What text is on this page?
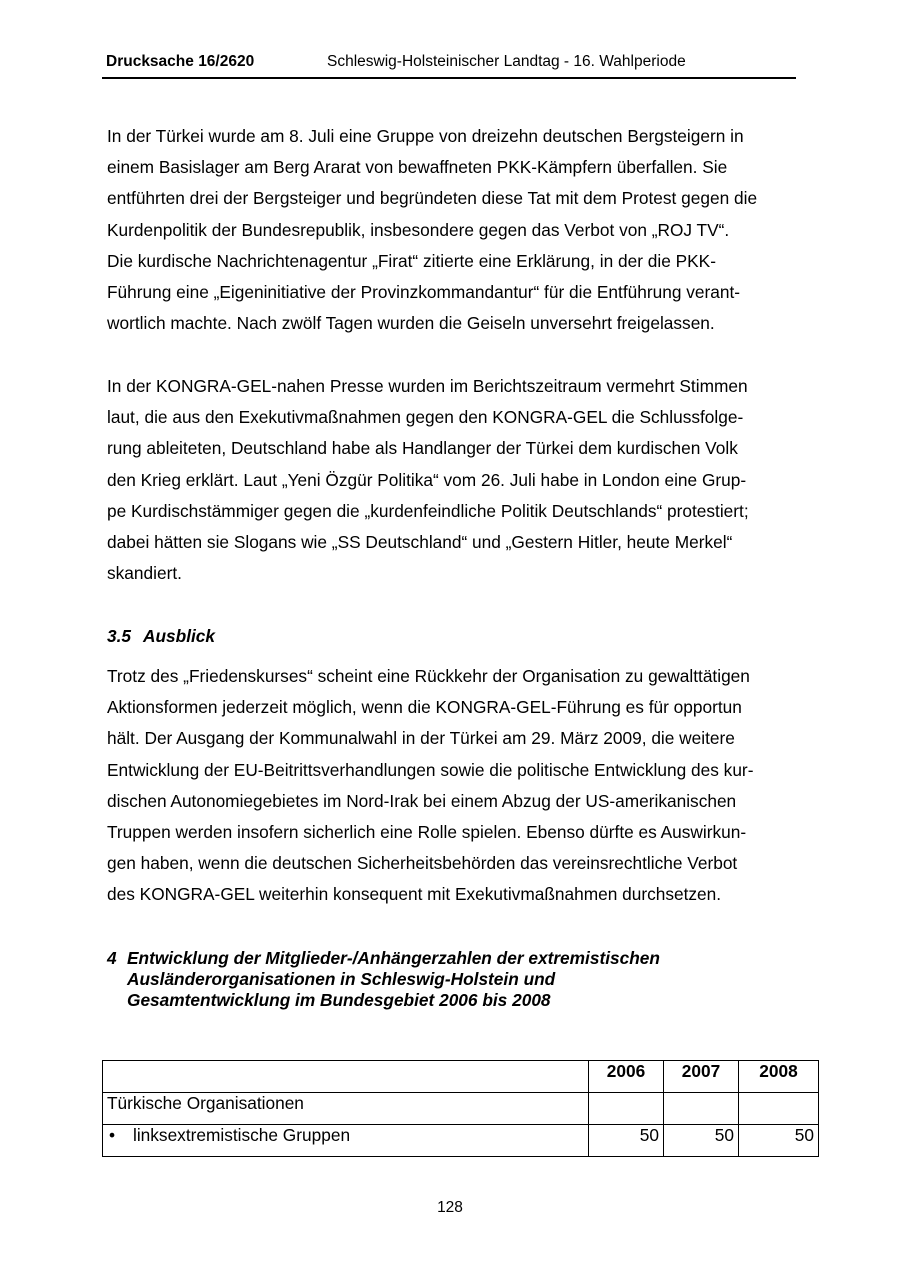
Drucksache 16/2620	Schleswig-Holsteinischer Landtag - 16. Wahlperiode

In der Türkei wurde am 8. Juli eine Gruppe von dreizehn deutschen Bergsteigern in
einem Basislager am Berg Ararat von bewaffneten PKK-Kämpfern überfallen. Sie
entführten drei der Bergsteiger und begründeten diese Tat mit dem Protest gegen die
Kurdenpolitik der Bundesrepublik, insbesondere gegen das Verbot von „ROJ TV“.
Die kurdische Nachrichtenagentur „Firat“ zitierte eine Erklärung, in der die PKK-
Führung eine „Eigeninitiative der Provinzkommandantur“ für die Entführung verant-
wortlich machte. Nach zwölf Tagen wurden die Geiseln unversehrt freigelassen.

In der KONGRA-GEL-nahen Presse wurden im Berichtszeitraum vermehrt Stimmen
laut, die aus den Exekutivmaßnahmen gegen den KONGRA-GEL die Schlussfolge-
rung ableiteten, Deutschland habe als Handlanger der Türkei dem kurdischen Volk
den Krieg erklärt. Laut „Yeni Özgür Politika“ vom 26. Juli habe in London eine Grup-
pe Kurdischstämmiger gegen die „kurdenfeindliche Politik Deutschlands“ protestiert;
dabei hätten sie Slogans wie „SS Deutschland“ und „Gestern Hitler, heute Merkel“
skandiert.

3.5 Ausblick

Trotz des „Friedenskurses“ scheint eine Rückkehr der Organisation zu gewalttätigen
Aktionsformen jederzeit möglich, wenn die KONGRA-GEL-Führung es für opportun
hält. Der Ausgang der Kommunalwahl in der Türkei am 29. März 2009, die weitere
Entwicklung der EU-Beitrittsverhandlungen sowie die politische Entwicklung des kur-
dischen Autonomiegebietes im Nord-Irak bei einem Abzug der US-amerikanischen
Truppen werden insofern sicherlich eine Rolle spielen. Ebenso dürfte es Auswirkun-
gen haben, wenn die deutschen Sicherheitsbehörden das vereinsrechtliche Verbot
des KONGRA-GEL weiterhin konsequent mit Exekutivmaßnahmen durchsetzen.

4 Entwicklung der Mitglieder-/Anhängerzahlen der extremistischen
Ausländerorganisationen in Schleswig-Holstein und
Gesamtentwicklung im Bundesgebiet 2006 bis 2008
	2006	2007	2008
Türkische Organisationen			
• linksextremistische Gruppen	50	50	50
128
